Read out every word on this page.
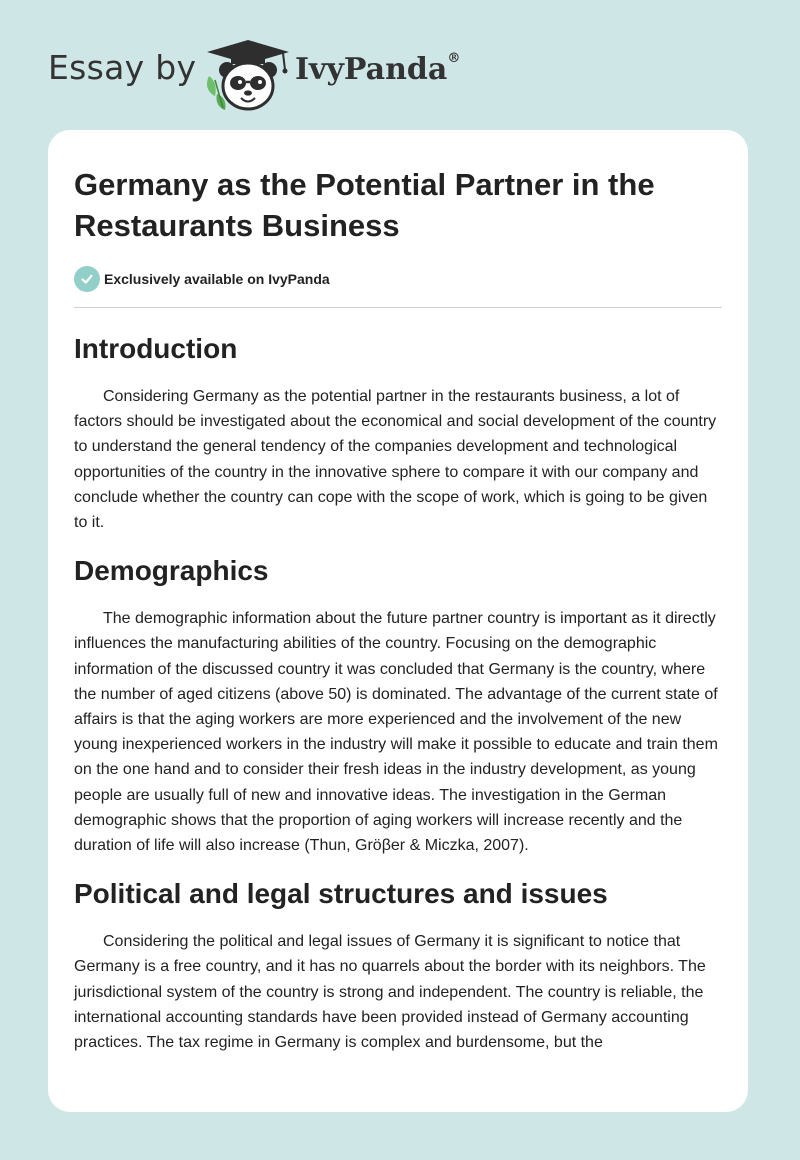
Essay by	IvyPanda®
Germany as the Potential Partner in the Restaurants Business
Exclusively available on IvyPanda
Introduction

Considering Germany as the potential partner in the restaurants business, a lot of factors should be investigated about the economical and social development of the country to understand the general tendency of the companies development and technological opportunities of the country in the innovative sphere to compare it with our company and conclude whether the country can cope with the scope of work, which is going to be given to it.

Demographics

The demographic information about the future partner country is important as it directly influences the manufacturing abilities of the country. Focusing on the demographic information of the discussed country it was concluded that Germany is the country, where the number of aged citizens (above 50) is dominated. The advantage of the current state of affairs is that the aging workers are more experienced and the involvement of the new young inexperienced workers in the industry will make it possible to educate and train them on the one hand and to consider their fresh ideas in the industry development, as young people are usually full of new and innovative ideas. The investigation in the German demographic shows that the proportion of aging workers will increase recently and the duration of life will also increase (Thun, Gröβer & Miczka, 2007).

Political and legal structures and issues

Considering the political and legal issues of Germany it is significant to notice that Germany is a free country, and it has no quarrels about the border with its neighbors. The jurisdictional system of the country is strong and independent. The country is reliable, the international accounting standards have been provided instead of Germany accounting practices. The tax regime in Germany is complex and burdensome, but the
